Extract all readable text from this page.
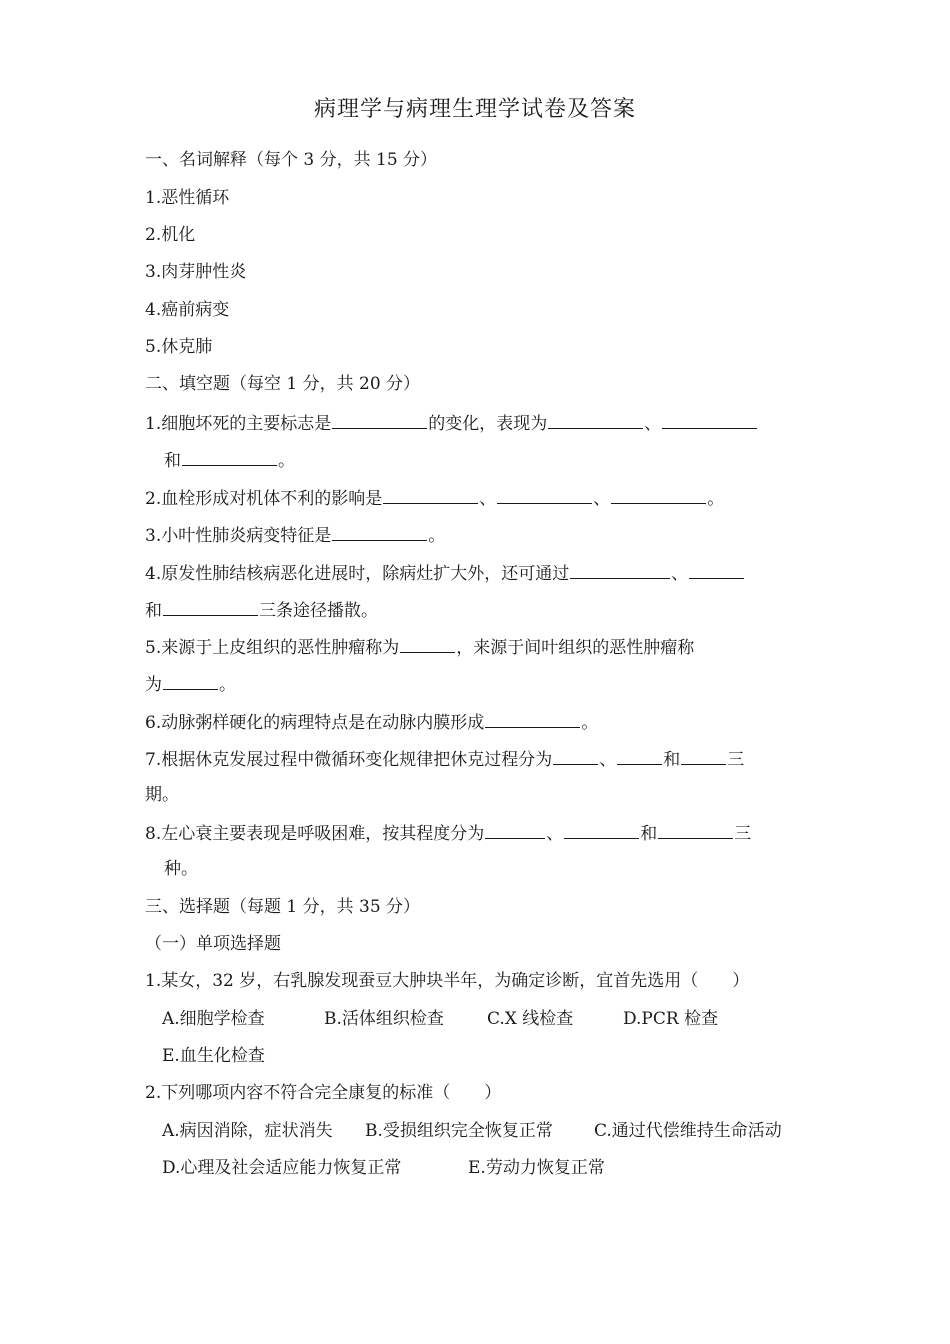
病理学与病理生理学试卷及答案
一、名词解释（每个 3 分，共 15 分）
1.恶性循环
2.机化
3.肉芽肿性炎
4.癌前病变
5.休克肺
二、填空题（每空 1 分，共 20 分）
1.细胞坏死的主要标志是	的变化，表现为	、
和	。
2.血栓形成对机体不利的影响是	、	、	。
3.小叶性肺炎病变特征是	。
4.原发性肺结核病恶化进展时，除病灶扩大外，还可通过	、
和	三条途径播散。
5.来源于上皮组织的恶性肿瘤称为	，来源于间叶组织的恶性肿瘤称
为	。
6.动脉粥样硬化的病理特点是在动脉内膜形成	。
7.根据休克发展过程中微循环变化规律把休克过程分为	、	和	三
期。
8.左心衰主要表现是呼吸困难，按其程度分为	、	和	三
种。
三、选择题（每题 1 分，共 35 分）
（一）单项选择题
1.某女，32 岁，右乳腺发现蚕豆大肿块半年，为确定诊断，宜首先选用（　　）
A.细胞学检查	B.活体组织检查	C.X 线检查	D.PCR 检查
E.血生化检查
2.下列哪项内容不符合完全康复的标准（　　）
A.病因消除，症状消失 B.受损组织完全恢复正常 C.通过代偿维持生命活动
D.心理及社会适应能力恢复正常	E.劳动力恢复正常
